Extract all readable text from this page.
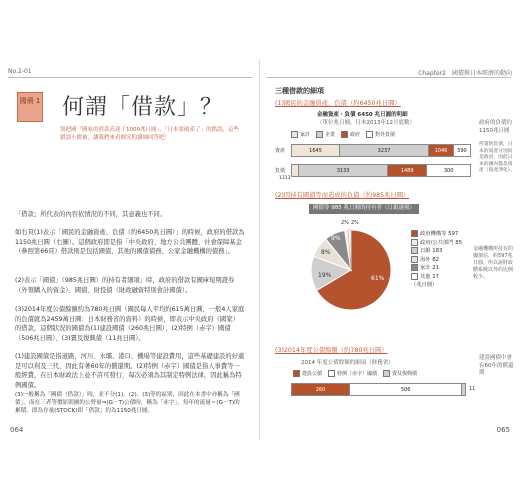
No.2-01
國債 1 何謂「借款」？
別把國「國家的借款高達了1000兆日圓」、「日本要破產了」的錯誤，這些錯誤小都被，讓我們來看個究的講師回答吧！
「借款」所代表的內容依情況的不同，其意義也不同。
如右頁(1)表示「國民的金融資產、負債（約6450兆日圓）」的時候，政府的借款為1150兆日圓（右圖）。這個政府即是指「中央政府、地方公共團體、社會保障基金（參照第66頁）借款則是包括國債、其他的國債債務、公家金融機構的債務」。
(2)表示「國債」（985兆日圓）的持有者細項」時，政府的借款有國庫短期證券（外領購入的資金）、國債、財投債（財政融資特別會計國債）。
(3)2014年度公債餘額約為780兆日圓（國民每人平均約615萬日圓，一般4人家庭的負債就為2459萬日圓：日本財務省的資料）的時候，即表示中央政府（國家）的借款，這個狀況的國債為(1)建設國債（260兆日圓）、(2)特例（赤字）國債（506兆日圓）、(3)賣及復興債（11兆日圓）。
(1)建設國債是指道路、河川、水壩、港口、機場等建設費用，這些基礎建設的好處是可以利及三代，因此有著60年的償還期。(2)特例（赤字）國債是指人事費等一般經費，在日本財政法上並不許可發行，每次必須為其制定特例法律，因此稱為特例國債。
(3)一般稱為「國債（借款）」時，並不分(1)、(2)、(3)等的區別，因此在本書中亦稱為「國債」。而在三者等價原則圖的公營量⇒(G－T)公債時，稱為「赤字」，每年的流量＝(G－T)的累積，即為存量(STOCK)即「借款」約為1150兆日圓。
064
Chapter2　國債與日本經濟的動向
三種借款的細項
(1)國民的金融資產、負債（約6450兆日圓）
金融資產・負債 6450 兆日圓的明細
（單位兆日圓，日本2013年12月底數）
家計	企業	政府	對外負債
資產	1645	3237	1046	590
負債	3133	1489	300
1313
政府的負債約1150兆日圓
所謂的負債，日本的資產分別而是政府，因此日本的國內都是資產（資產淨化）。
(2)因持有國債等而造成的負債（約985兆日圓）
國債等 985 兆日圓的持有者（日銀速報）
61%
19%
8%
9%
2% 2%
政府機構等 597
政府/公共部門 85
日銀 183
海外 82
家計 21
其他 17
（兆日圓）
金融機構所持有的國債佔，約597兆日圓，所以說財政體系吸以外的比例較少。
(3)2014年度公債餘額（約780兆日圓）
2014 年度公債餘額的細項（財務省）
建設公債	特例（赤字）國債	賣及復興債
260	506	11
建設國債中會有60年的償還期
065
